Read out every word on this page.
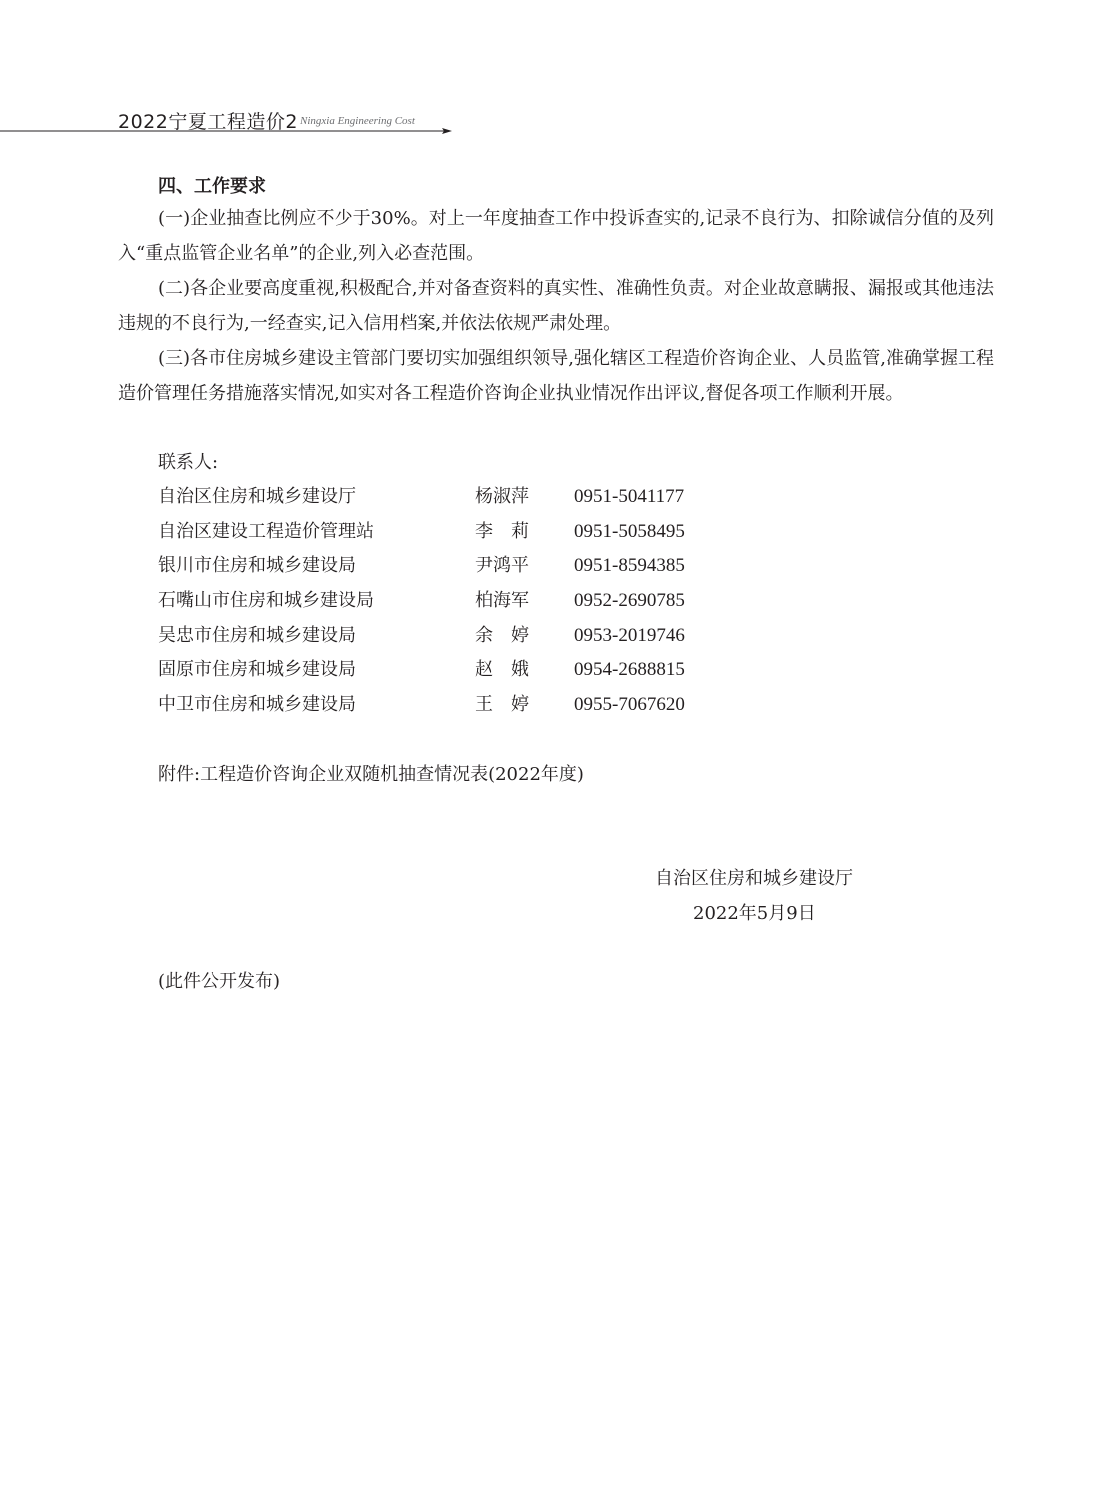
2022宁夏工程造价2 Ningxia Engineering Cost
四、工作要求

(一)企业抽查比例应不少于30%。对上一年度抽查工作中投诉查实的,记录不良行为、扣除诚信分值的及列入“重点监管企业名单”的企业,列入必查范围。

(二)各企业要高度重视,积极配合,并对备查资料的真实性、准确性负责。对企业故意瞒报、漏报或其他违法违规的不良行为,一经查实,记入信用档案,并依法依规严肃处理。

(三)各市住房城乡建设主管部门要切实加强组织领导,强化辖区工程造价咨询企业、人员监管,准确掌握工程造价管理任务措施落实情况,如实对各工程造价咨询企业执业情况作出评议,督促各项工作顺利开展。

联系人:
自治区住房和城乡建设厅	杨淑萍 0951-5041177
自治区建设工程造价管理站	李　莉 0951-5058495
银川市住房和城乡建设局	尹鸿平 0951-8594385
石嘴山市住房和城乡建设局	柏海军 0952-2690785
吴忠市住房和城乡建设局	余　婷 0953-2019746
固原市住房和城乡建设局	赵　娥 0954-2688815
中卫市住房和城乡建设局	王　婷 0955-7067620
附件:工程造价咨询企业双随机抽查情况表(2022年度)
自治区住房和城乡建设厅
2022年5月9日
(此件公开发布)
